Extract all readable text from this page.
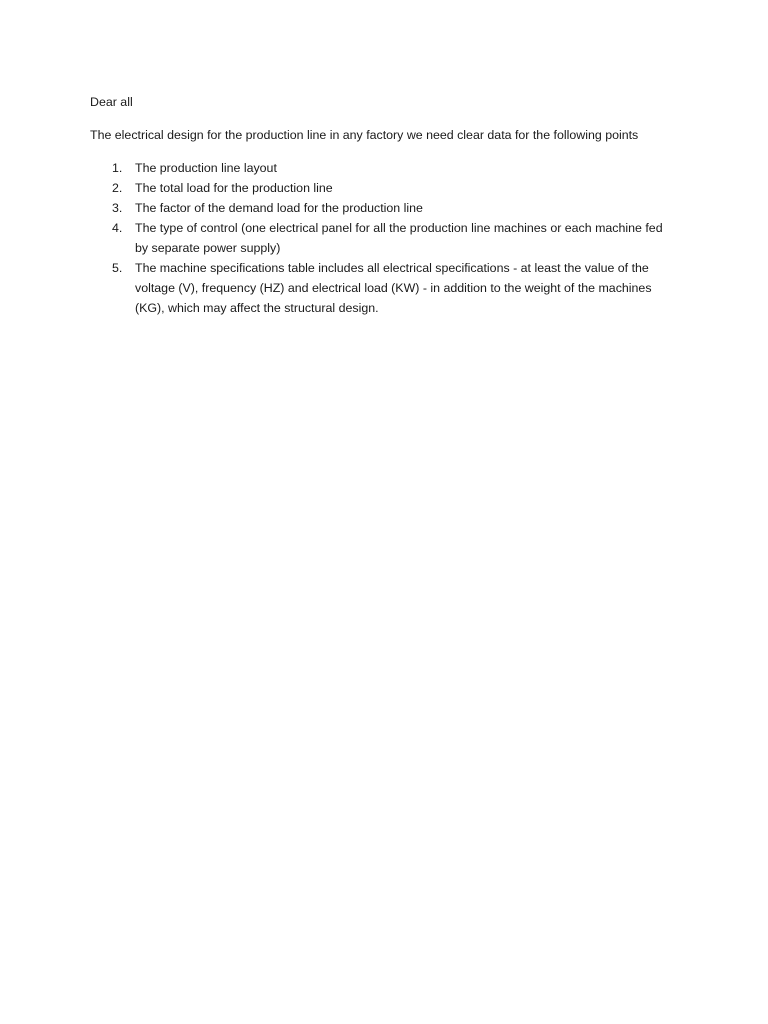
Dear all

The electrical design for the production line in any factory we need clear data for the following points

1. The production line layout
2. The total load for the production line
3. The factor of the demand load for the production line
4. The type of control (one electrical panel for all the production line machines or each machine fed by separate power supply)
5. The machine specifications table includes all electrical specifications - at least the value of the voltage (V), frequency (HZ) and electrical load (KW) - in addition to the weight of the machines (KG), which may affect the structural design.
